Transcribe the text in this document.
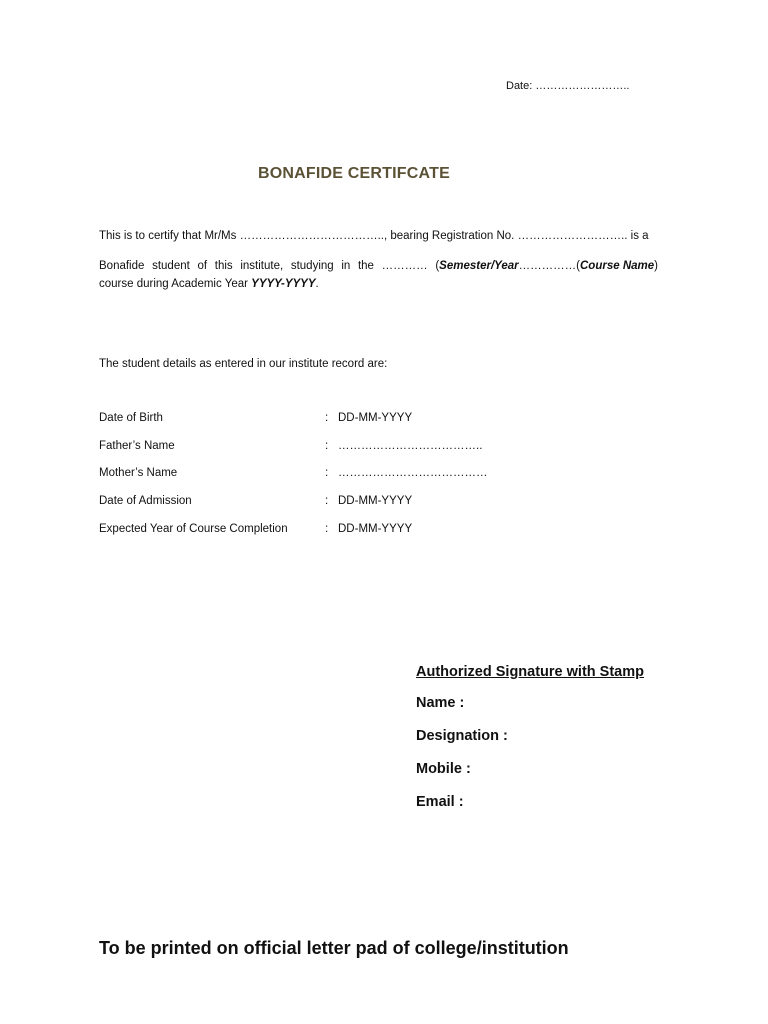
Date: ……………………..
BONAFIDE CERTIFCATE
This is to certify that Mr/Ms ……………………………….., bearing Registration No. ……………………….. is a
Bonafide student of this institute, studying in the ………… (Semester/Year……………(Course Name)
course during Academic Year YYYY-YYYY.
The student details as entered in our institute record are:
Date of Birth	: DD-MM-YYYY
Father’s Name	: ………………………………..
Mother’s Name	: …………………………………
Date of Admission	: DD-MM-YYYY
Expected Year of Course Completion	: DD-MM-YYYY
Authorized Signature with Stamp
Name :
Designation :
Mobile :
Email :
To be printed on official letter pad of college/institution
